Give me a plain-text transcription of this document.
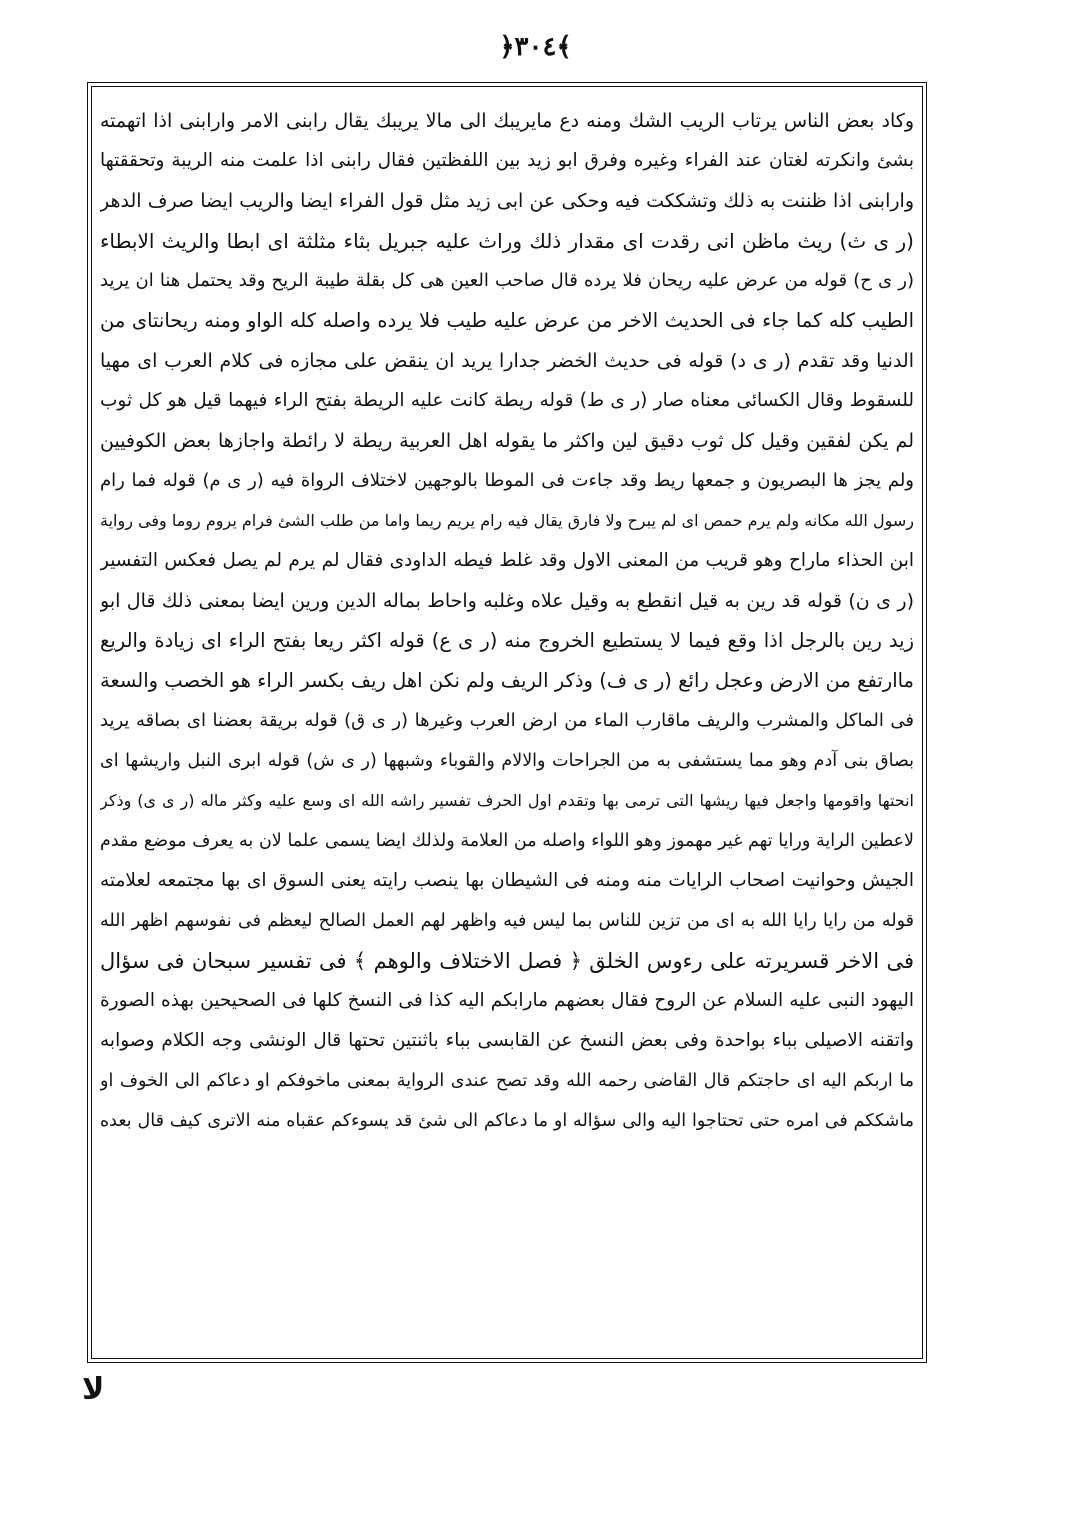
﴿۳۰٤﴾
وكاد بعض الناس يرتاب الريب الشك ومنه دع مايريبك الى مالا يريبك يقال رابنى الامر وارابنى اذا اتهمته
بشئ وانكرته لغتان عند الفراء وغيره وفرق ابو زيد بين اللفظتين فقال رابنى اذا علمت منه الريبة وتحققتها
وارابنى اذا ظننت به ذلك وتشككت فيه وحكى عن ابى زيد مثل قول الفراء ايضا والريب ايضا صرف الدهر
(ر ى ث) ريث ماظن انى رقدت اى مقدار ذلك وراث عليه جبريل بثاء مثلثة اى ابطا والريث الابطاء
(ر ى ح) قوله من عرض عليه ريحان فلا يرده قال صاحب العين هى كل بقلة طيبة الريح وقد يحتمل هنا ان يريد
الطيب كله كما جاء فى الحديث الاخر من عرض عليه طيب فلا يرده واصله كله الواو ومنه ريحانتاى من
الدنيا وقد تقدم (ر ى د) قوله فى حديث الخضر جدارا يريد ان ينقض على مجازه فى كلام العرب اى مهيا
للسقوط وقال الكسائى معناه صار (ر ى ط) قوله ريطة كانت عليه الريطة بفتح الراء فيهما قيل هو كل ثوب
لم يكن لفقين وقيل كل ثوب دقيق لين واكثر ما يقوله اهل العربية ريطة لا رائطة واجازها بعض الكوفيين
ولم يجز ها البصريون و جمعها ريط وقد جاءت فى الموطا بالوجهين لاختلاف الرواة فيه (ر ى م) قوله فما رام
رسول الله مكانه ولم يرم حمص اى لم يبرح ولا فارق يقال فيه رام يريم ريما واما من طلب الشئ فرام يروم روما وفى رواية
ابن الحذاء ماراح وهو قريب من المعنى الاول وقد غلط فيطه الداودى فقال لم يرم لم يصل فعكس التفسير
(ر ى ن) قوله قد رين به قيل انقطع به وقيل علاه وغلبه واحاط بماله الدين ورين ايضا بمعنى ذلك قال ابو
زيد رين بالرجل اذا وقع فيما لا يستطيع الخروج منه (ر ى ع) قوله اكثر ريعا بفتح الراء اى زيادة والريع
ماارتفع من الارض وعجل رائع (ر ى ف) وذكر الريف ولم نكن اهل ريف بكسر الراء هو الخصب والسعة
فى الماكل والمشرب والريف ماقارب الماء من ارض العرب وغيرها (ر ى ق) قوله بريقة بعضنا اى بصاقه يريد
بصاق بنى آدم وهو مما يستشفى به من الجراحات والالام والقوباء وشبهها (ر ى ش) قوله ابرى النبل واريشها اى
انحتها واقومها واجعل فيها ريشها التى ترمى بها وتقدم اول الحرف تفسير راشه الله اى وسع عليه وكثر ماله (ر ى ى) وذكر
لاعطين الراية ورايا تهم غير مهموز وهو اللواء واصله من العلامة ولذلك ايضا يسمى علما لان به يعرف موضع مقدم
الجيش وحوانيت اصحاب الرايات منه ومنه فى الشيطان بها ينصب رايته يعنى السوق اى بها مجتمعه لعلامته
قوله من رايا رايا الله به اى من تزين للناس بما ليس فيه واظهر لهم العمل الصالح ليعظم فى نفوسهم اظهر الله
فى الاخر قسريرته على رءوس الخلق ﴿ فصل الاختلاف والوهم ﴾ فى تفسير سبحان فى سؤال
اليهود النبى عليه السلام عن الروح فقال بعضهم مارابكم اليه كذا فى النسخ كلها فى الصحيحين بهذه الصورة
واتقنه الاصيلى بباء بواحدة وفى بعض النسخ عن القابسى بباء باثنتين تحتها قال الونشى وجه الكلام وصوابه
ما اربكم اليه اى حاجتكم قال القاضى رحمه الله وقد تصح عندى الرواية بمعنى ماخوفكم او دعاكم الى الخوف او
ماشككم فى امره حتى تحتاجوا اليه والى سؤاله او ما دعاكم الى شئ قد يسوءكم عقباه منه الاترى كيف قال بعده
لا
